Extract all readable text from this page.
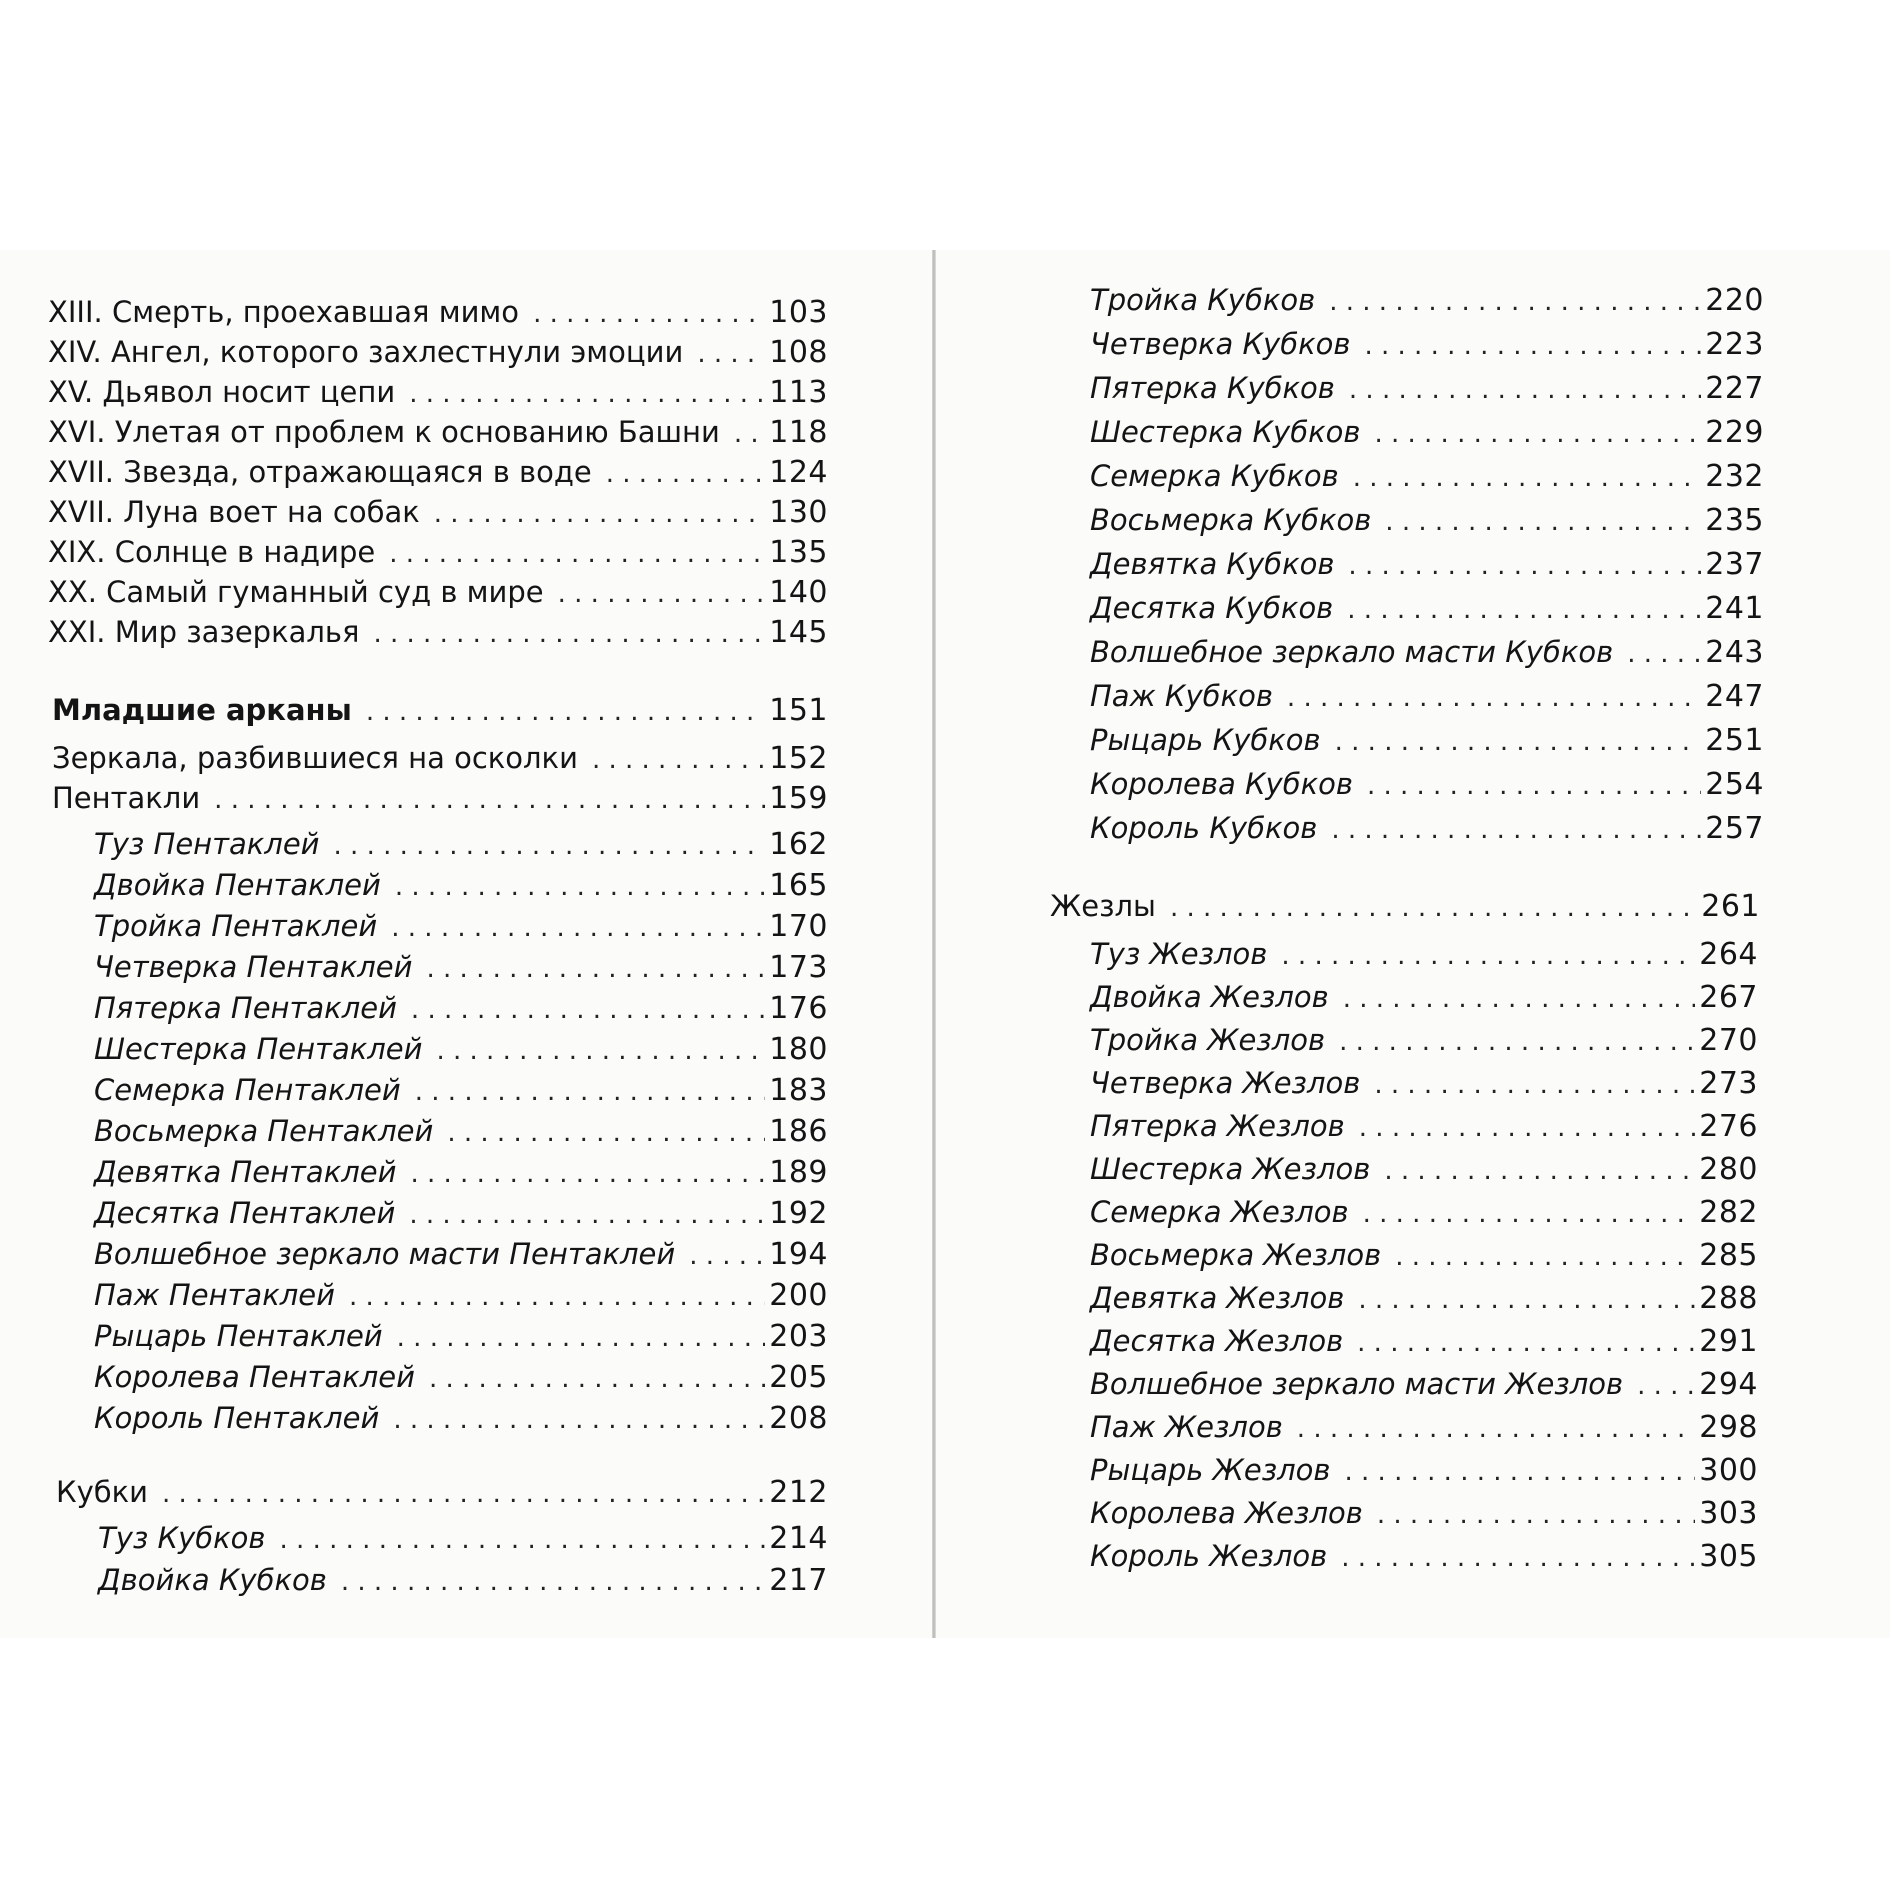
XIII. Смерть, проехавшая мимо . . .	103
XIV. Ангел, которого захлестнули эмоции . . .	108
XV. Дьявол носит цепи . . .	113
XVI. Улетая от проблем к основанию Башни . . . 118
XVII. Звезда, отражающаяся в воде . . .	124
XVII. Луна воет на собак . . .	130
XIX. Солнце в надире . . .	135
XX. Самый гуманный суд в мире . . .	140
XXI. Мир зазеркалья . . .	145
Младшие арканы . . .	151
Зеркала, разбившиеся на осколки . . .	152
Пентакли . . .	159
Туз Пентаклей . . .	162
Двойка Пентаклей . . .	165
Тройка Пентаклей . . .	170
Четверка Пентаклей . . .	173
Пятерка Пентаклей . . .	176
Шестерка Пентаклей . . .	180
Семерка Пентаклей . . .	183
Восьмерка Пентаклей . . .	186
Девятка Пентаклей . . .	189
Десятка Пентаклей . . .	192
Волшебное зеркало масти Пентаклей . . .	194
Паж Пентаклей . . .	200
Рыцарь Пентаклей . . .	203
Королева Пентаклей . . .	205
Король Пентаклей . . .	208
Кубки . . .	212
Туз Кубков . . .	214
Двойка Кубков . . .	217
Тройка Кубков . . .	220
Четверка Кубков . . .	223
Пятерка Кубков . . .	227
Шестерка Кубков . . .	229
Семерка Кубков . . .	232
Восьмерка Кубков . . .	235
Девятка Кубков . . .	237
Десятка Кубков . . .	241
Волшебное зеркало масти Кубков . . .	243
Паж Кубков . . .	247
Рыцарь Кубков . . .	251
Королева Кубков . . .	254
Король Кубков . . .	257
Жезлы . . .	261
Туз Жезлов . . .	264
Двойка Жезлов . . .	267
Тройка Жезлов . . .	270
Четверка Жезлов . . .	273
Пятерка Жезлов . . .	276
Шестерка Жезлов . . .	280
Семерка Жезлов . . .	282
Восьмерка Жезлов . . .	285
Девятка Жезлов . . .	288
Десятка Жезлов . . .	291
Волшебное зеркало масти Жезлов . . .	294
Паж Жезлов . . .	298
Рыцарь Жезлов . . .	300
Королева Жезлов . . .	303
Король Жезлов . . .	305
